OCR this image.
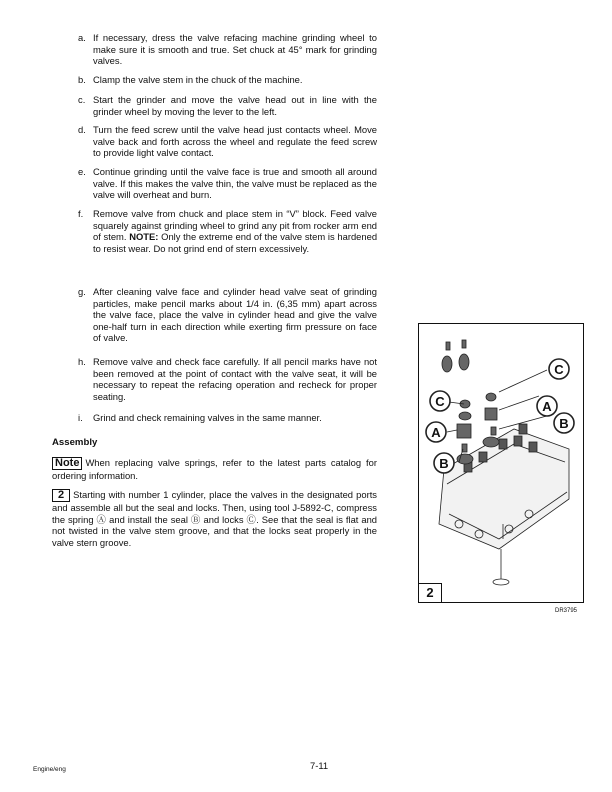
a. If necessary, dress the valve refacing machine grinding wheel to make sure it is smooth and true. Set chuck at 45° mark for grinding valves.
b. Clamp the valve stem in the chuck of the machine.
c. Start the grinder and move the valve head out in line with the grinder wheel by moving the lever to the left.
d. Turn the feed screw until the valve head just contacts wheel. Move valve back and forth across the wheel and regulate the feed screw to provide light valve contact.
e. Continue grinding until the valve face is true and smooth all around valve. If this makes the valve thin, the valve must be replaced as the valve will overheat and burn.
f.	Remove valve from chuck and place stem in “V” block. Feed valve squarely against grinding wheel to grind any pit from rocker arm end of stem. NOTE: Only the extreme end of the valve stem is hardened to resist wear. Do not grind end of stern excessively.
g. After cleaning valve face and cylinder head valve seat of grinding particles, make pencil marks about 1/4 in. (6,35 mm) apart across the valve face, place the valve in cylinder head and give the valve one-half turn in each direction while exerting firm pressure on face of valve.
h. Remove valve and check face carefully. If all pencil marks have not been removed at the point of contact with the valve seat, it will be necessary to repeat the refacing operation and recheck for proper seating.
i.	Grind and check remaining valves in the same manner.
Assembly
Note When replacing valve springs, refer to the latest parts catalog for ordering information.
2 Starting with number 1 cylinder, place the valves in the designated ports and assemble all but the seal and locks. Then, using tool J-5892-C, compress the spring Ⓐ and install the seal Ⓑ and locks Ⓒ. See that the seal is flat and not twisted in the valve stem groove, and that the locks seat properly in the valve stern groove.
C
A
B
C
A
B
2
DR3795
Engine/eng	7-11
